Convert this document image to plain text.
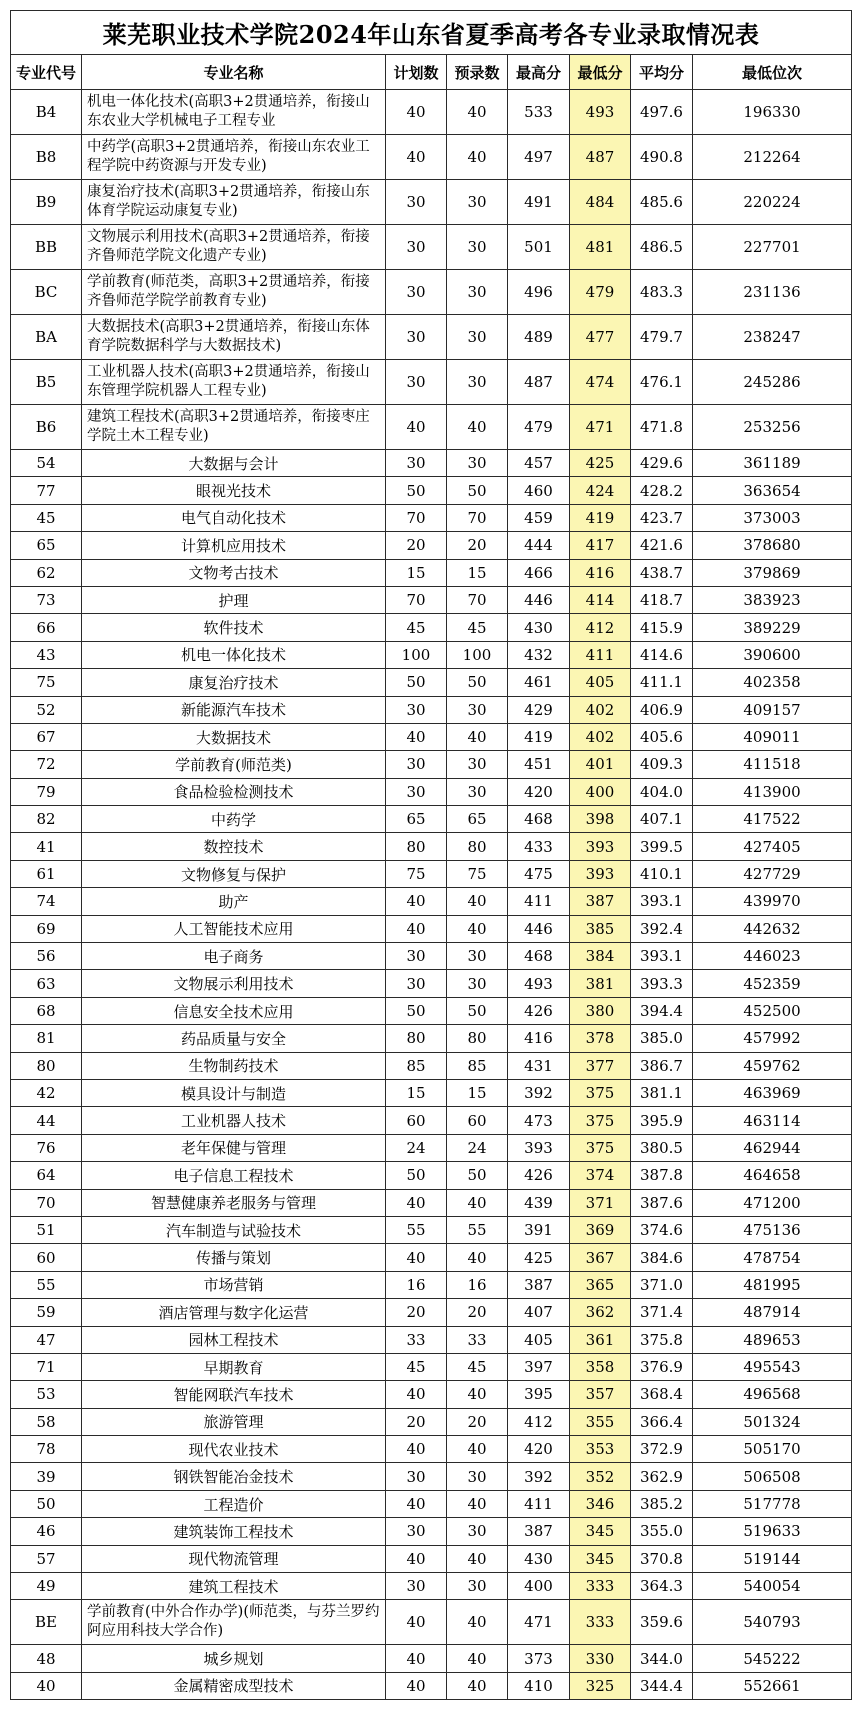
莱芜职业技术学院2024年山东省夏季高考各专业录取情况表							
专业代号	专业名称	计划数	预录数	最高分	最低分	平均分	最低位次
B4	机电一体化技术(高职3+2贯通培养，衔接山东农业大学机械电子工程专业	40	40	533	493	497.6	196330
B8	中药学(高职3+2贯通培养，衔接山东农业工程学院中药资源与开发专业)	40	40	497	487	490.8	212264
B9	康复治疗技术(高职3+2贯通培养，衔接山东体育学院运动康复专业)	30	30	491	484	485.6	220224
BB	文物展示利用技术(高职3+2贯通培养，衔接齐鲁师范学院文化遗产专业)	30	30	501	481	486.5	227701
BC	学前教育(师范类，高职3+2贯通培养，衔接齐鲁师范学院学前教育专业)	30	30	496	479	483.3	231136
BA	大数据技术(高职3+2贯通培养，衔接山东体育学院数据科学与大数据技术)	30	30	489	477	479.7	238247
B5	工业机器人技术(高职3+2贯通培养，衔接山东管理学院机器人工程专业)	30	30	487	474	476.1	245286
B6	建筑工程技术(高职3+2贯通培养，衔接枣庄学院土木工程专业)	40	40	479	471	471.8	253256
54	大数据与会计	30	30	457	425	429.6	361189
77	眼视光技术	50	50	460	424	428.2	363654
45	电气自动化技术	70	70	459	419	423.7	373003
65	计算机应用技术	20	20	444	417	421.6	378680
62	文物考古技术	15	15	466	416	438.7	379869
73	护理	70	70	446	414	418.7	383923
66	软件技术	45	45	430	412	415.9	389229
43	机电一体化技术	100	100	432	411	414.6	390600
75	康复治疗技术	50	50	461	405	411.1	402358
52	新能源汽车技术	30	30	429	402	406.9	409157
67	大数据技术	40	40	419	402	405.6	409011
72	学前教育(师范类)	30	30	451	401	409.3	411518
79	食品检验检测技术	30	30	420	400	404.0	413900
82	中药学	65	65	468	398	407.1	417522
41	数控技术	80	80	433	393	399.5	427405
61	文物修复与保护	75	75	475	393	410.1	427729
74	助产	40	40	411	387	393.1	439970
69	人工智能技术应用	40	40	446	385	392.4	442632
56	电子商务	30	30	468	384	393.1	446023
63	文物展示利用技术	30	30	493	381	393.3	452359
68	信息安全技术应用	50	50	426	380	394.4	452500
81	药品质量与安全	80	80	416	378	385.0	457992
80	生物制药技术	85	85	431	377	386.7	459762
42	模具设计与制造	15	15	392	375	381.1	463969
44	工业机器人技术	60	60	473	375	395.9	463114
76	老年保健与管理	24	24	393	375	380.5	462944
64	电子信息工程技术	50	50	426	374	387.8	464658
70	智慧健康养老服务与管理	40	40	439	371	387.6	471200
51	汽车制造与试验技术	55	55	391	369	374.6	475136
60	传播与策划	40	40	425	367	384.6	478754
55	市场营销	16	16	387	365	371.0	481995
59	酒店管理与数字化运营	20	20	407	362	371.4	487914
47	园林工程技术	33	33	405	361	375.8	489653
71	早期教育	45	45	397	358	376.9	495543
53	智能网联汽车技术	40	40	395	357	368.4	496568
58	旅游管理	20	20	412	355	366.4	501324
78	现代农业技术	40	40	420	353	372.9	505170
39	钢铁智能冶金技术	30	30	392	352	362.9	506508
50	工程造价	40	40	411	346	385.2	517778
46	建筑装饰工程技术	30	30	387	345	355.0	519633
57	现代物流管理	40	40	430	345	370.8	519144
49	建筑工程技术	30	30	400	333	364.3	540054
BE	学前教育(中外合作办学)(师范类，与芬兰罗约阿应用科技大学合作)	40	40	471	333	359.6	540793
48	城乡规划	40	40	373	330	344.0	545222
40	金属精密成型技术	40	40	410	325	344.4	552661
